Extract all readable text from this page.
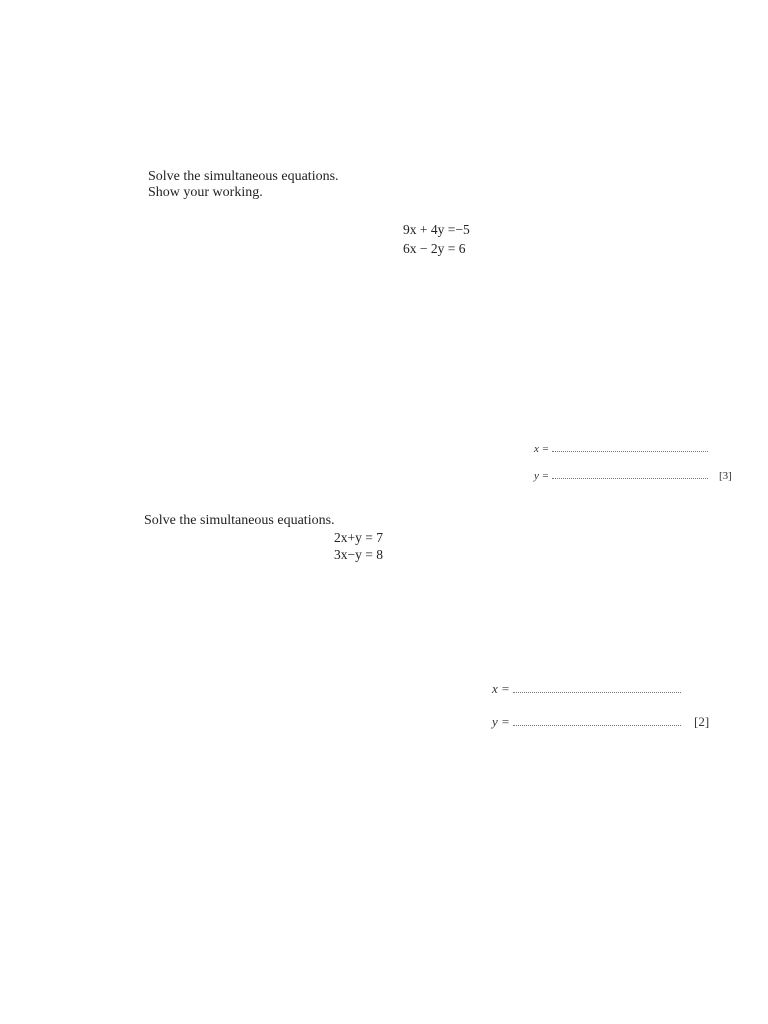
Solve the simultaneous equations.
Show your working.
9x + 4y =−5
6x − 2y = 6
x =
y =	[3]
Solve the simultaneous equations.
2x+y = 7
3x−y = 8
x =
y =	[2]
